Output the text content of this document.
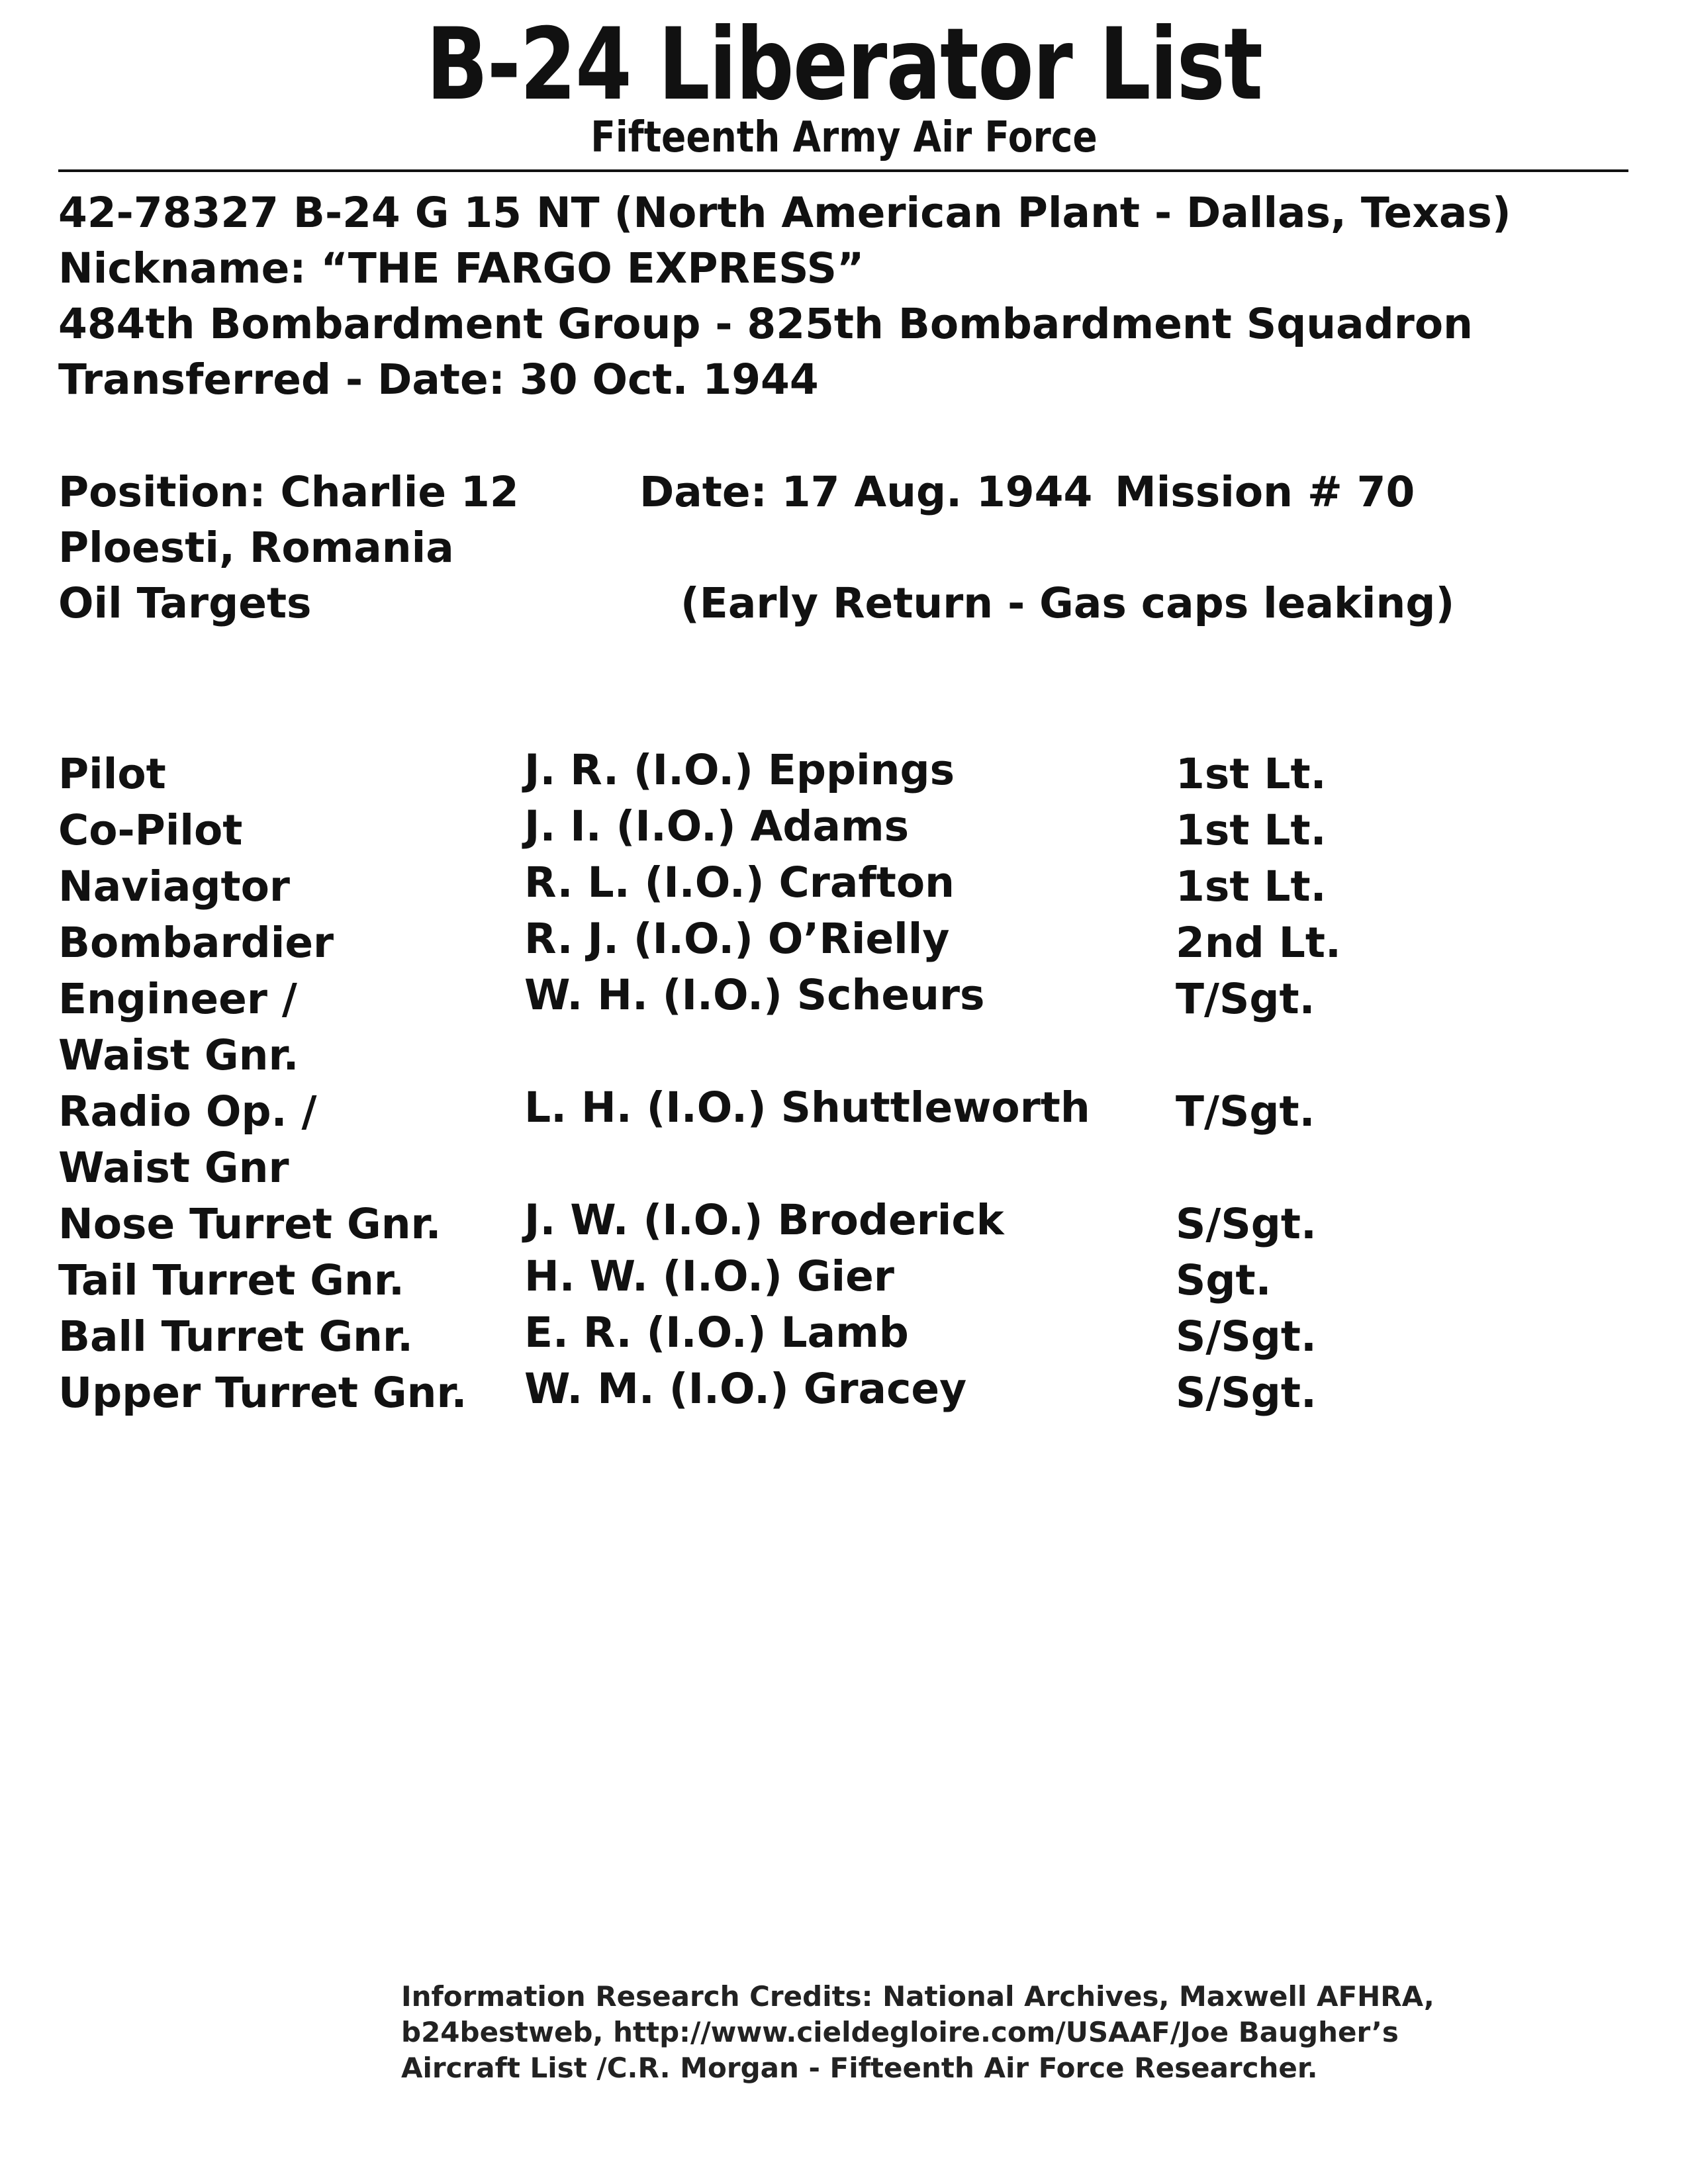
B-24 Liberator List
Fifteenth Army Air Force
42-78327 B-24 G 15 NT (North American Plant - Dallas, Texas)
Nickname: “THE FARGO EXPRESS”
484th Bombardment Group - 825th Bombardment Squadron
Transferred - Date: 30 Oct. 1944
Position: Charlie 12	Date: 17 Aug. 1944 Mission # 70
Ploesti, Romania
Oil Targets	(Early Return - Gas caps leaking)
Pilot	J. R. (I.O.) Eppings	1st Lt.
Co-Pilot	J. I. (I.O.) Adams	1st Lt.
Naviagtor	R. L. (I.O.) Crafton	1st Lt.
Bombardier	R. J. (I.O.) O’Rielly	2nd Lt.
Engineer /
Waist Gnr.
W. H. (I.O.) Scheurs	T/Sgt.
Radio Op. /
Waist Gnr
L. H. (I.O.) Shuttleworth T/Sgt.
Nose Turret Gnr. J. W. (I.O.) Broderick	S/Sgt.
Tail Turret Gnr.	H. W. (I.O.) Gier	Sgt.
Ball Turret Gnr.	E. R. (I.O.) Lamb	S/Sgt.
Upper Turret Gnr. W. M. (I.O.) Gracey	S/Sgt.
Information Research Credits: National Archives, Maxwell AFHRA,
b24bestweb, http://www.cieldegloire.com/USAAF/Joe Baugher’s
Aircraft List /C.R. Morgan - Fifteenth Air Force Researcher.
